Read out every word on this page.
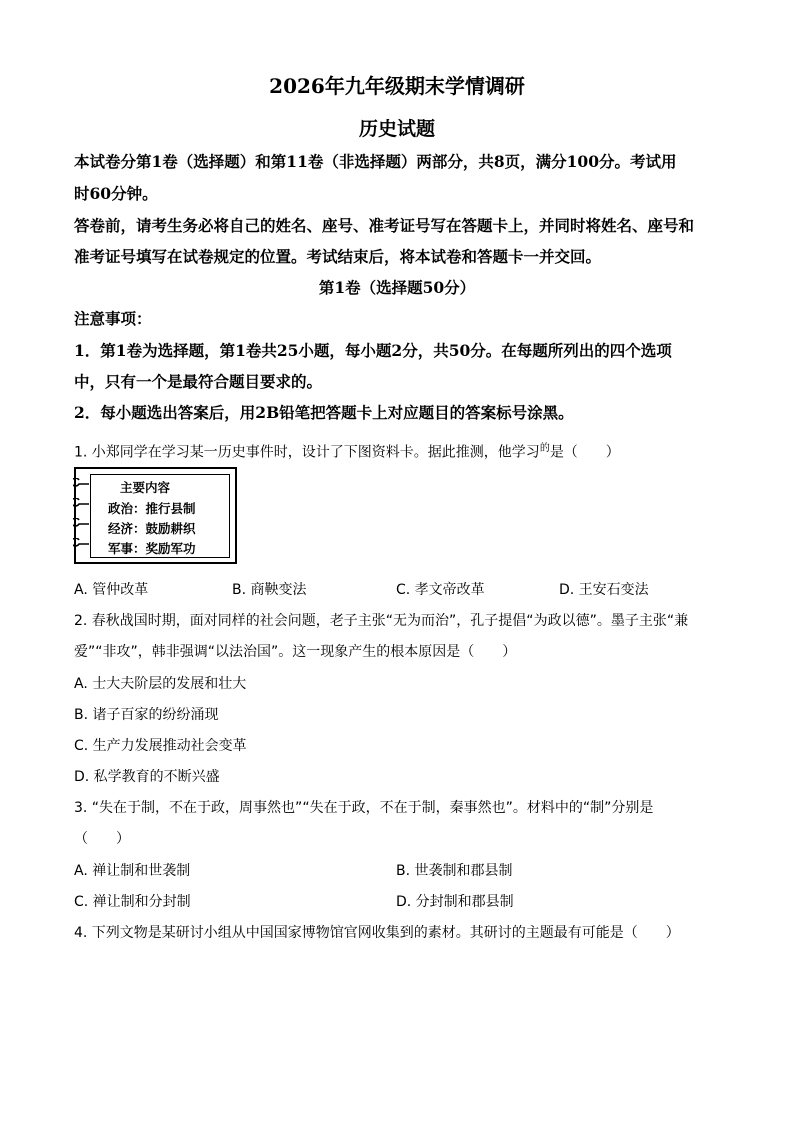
2026年九年级期末学情调研
历史试题
本试卷分第1卷（选择题）和第11卷（非选择题）两部分，共8页，满分100分。考试用
时60分钟。
答卷前，请考生务必将自己的姓名、座号、准考证号写在答题卡上，并同时将姓名、座号和
准考证号填写在试卷规定的位置。考试结束后，将本试卷和答题卡一并交回。
第1卷（选择题50分）
注意事项：
1．第1卷为选择题，第1卷共25小题，每小题2分，共50分。在每题所列出的四个选项
中，只有一个是最符合题目要求的。
2．每小题选出答案后，用2B铅笔把答题卡上对应题目的答案标号涂黑。
1. 小郑同学在学习某一历史事件时，设计了下图资料卡。据此推测，他学习$^的$是（　　）
主要内容
政治：推行县制
经济：鼓励耕织
军事：奖励军功
A. 管仲改革	B. 商鞅变法	C. 孝文帝改革	D. 王安石变法
2. 春秋战国时期，面对同样的社会问题，老子主张“无为而治”，孔子提倡“为政以德”。墨子主张“兼
爱”“非攻”，韩非强调“以法治国”。这一现象产生的根本原因是（　　）
A. 士大夫阶层的发展和壮大
B. 诸子百家的纷纷涌现
C. 生产力发展推动社会变革
D. 私学教育的不断兴盛
3. “失在于制，不在于政，周事然也”“失在于政，不在于制，秦事然也”。材料中的“制”分别是
（　　）
A. 禅让制和世袭制	B. 世袭制和郡县制
C. 禅让制和分封制	D. 分封制和郡县制
4. 下列文物是某研讨小组从中国国家博物馆官网收集到的素材。其研讨的主题最有可能是（　　）
